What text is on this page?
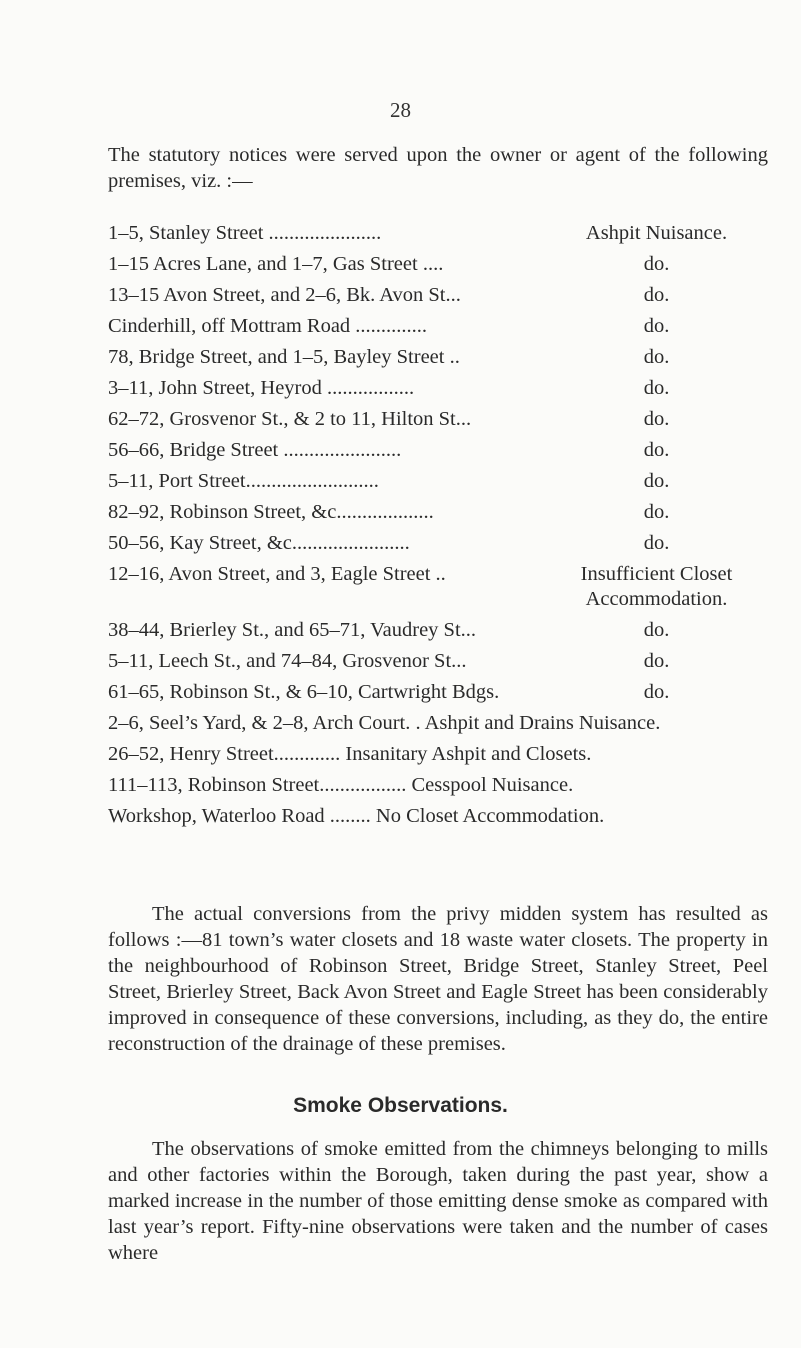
28
The statutory notices were served upon the owner or agent of the following premises, viz. :—
1–5, Stanley Street ......................	Ashpit Nuisance.
1–15 Acres Lane, and 1–7, Gas Street ....	do.
13–15 Avon Street, and 2–6, Bk. Avon St...	do.
Cinderhill, off Mottram Road ..............	do.
78, Bridge Street, and 1–5, Bayley Street ..	do.
3–11, John Street, Heyrod .................	do.
62–72, Grosvenor St., & 2 to 11, Hilton St...	do.
56–66, Bridge Street .......................	do.
5–11, Port Street..........................	do.
82–92, Robinson Street, &c...................	do.
50–56, Kay Street, &c.......................	do.
12–16, Avon Street, and 3, Eagle Street ..	Insufficient Closet
Accommodation.
38–44, Brierley St., and 65–71, Vaudrey St...	do.
5–11, Leech St., and 74–84, Grosvenor St...	do.
61–65, Robinson St., & 6–10, Cartwright Bdgs.	do.
2–6, Seel’s Yard, & 2–8, Arch Court. . Ashpit and Drains Nuisance.
26–52, Henry Street............. Insanitary Ashpit and Closets.
111–113, Robinson Street................. Cesspool Nuisance.
Workshop, Waterloo Road ........ No Closet Accommodation.
The actual conversions from the privy midden system has resulted as follows :—81 town’s water closets and 18 waste water closets. The property in the neighbourhood of Robinson Street, Bridge Street, Stanley Street, Peel Street, Brierley Street, Back Avon Street and Eagle Street has been considerably improved in consequence of these conversions, including, as they do, the entire reconstruction of the drainage of these premises.
Smoke Observations.
The observations of smoke emitted from the chimneys belonging to mills and other factories within the Borough, taken during the past year, show a marked increase in the number of those emitting dense smoke as compared with last year’s report. Fifty-nine observations were taken and the number of cases where
